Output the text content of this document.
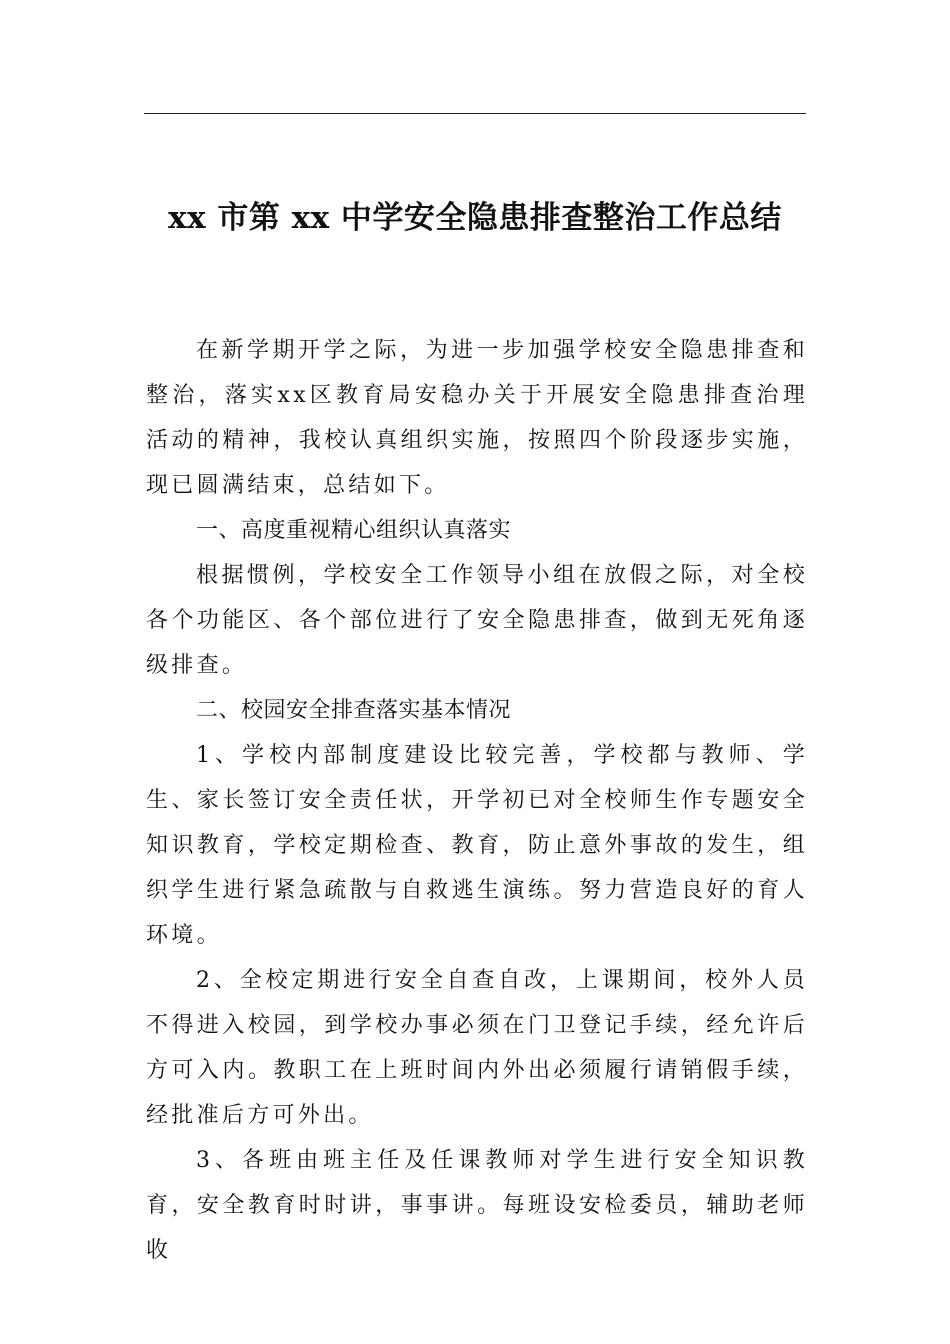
xx 市第 xx 中学安全隐患排查整治工作总结

在新学期开学之际，为进一步加强学校安全隐患排查和整治，落实xx区教育局安稳办关于开展安全隐患排查治理活动的精神，我校认真组织实施，按照四个阶段逐步实施，现已圆满结束，总结如下。

一、高度重视精心组织认真落实

根据惯例，学校安全工作领导小组在放假之际，对全校各个功能区、各个部位进行了安全隐患排查，做到无死角逐级排查。

二、校园安全排查落实基本情况

1、学校内部制度建设比较完善，学校都与教师、学生、家长签订安全责任状，开学初已对全校师生作专题安全知识教育，学校定期检查、教育，防止意外事故的发生，组织学生进行紧急疏散与自救逃生演练。努力营造良好的育人环境。

2、全校定期进行安全自查自改，上课期间，校外人员不得进入校园，到学校办事必须在门卫登记手续，经允许后方可入内。教职工在上班时间内外出必须履行请销假手续，经批准后方可外出。

3、各班由班主任及任课教师对学生进行安全知识教育，安全教育时时讲，事事讲。每班设安检委员，辅助老师收
